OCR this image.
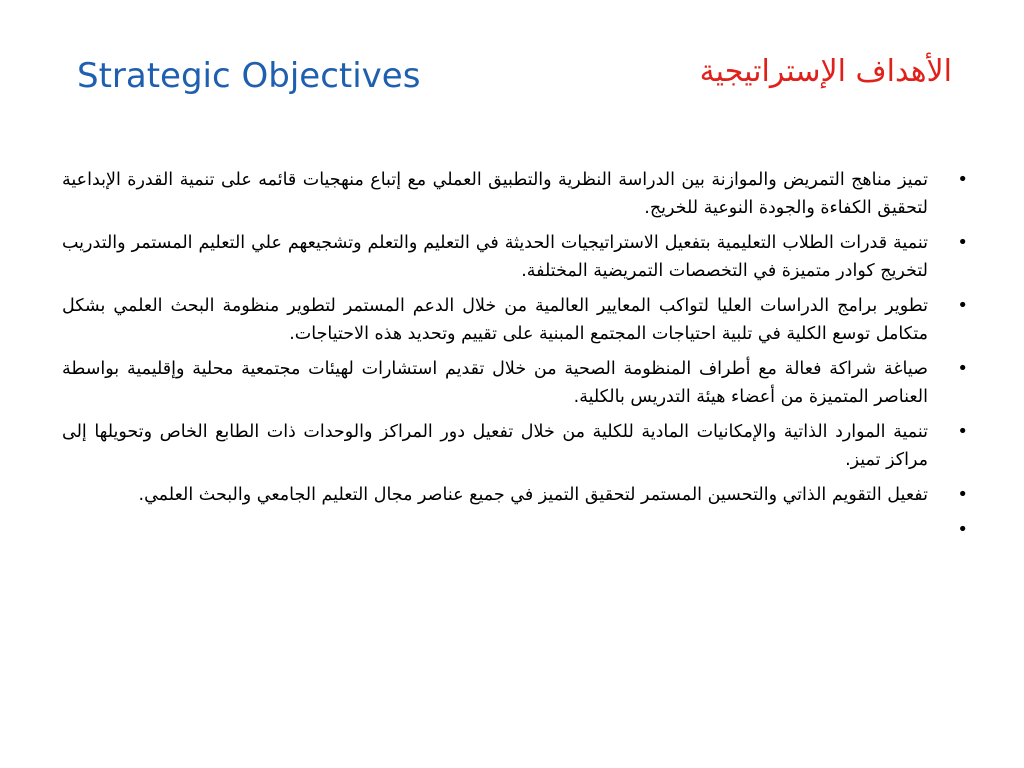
Strategic Objectives	الأهداف الإستراتيجية
•
تميز مناهج التمريض والموازنة بين الدراسة النظرية والتطبيق العملي مع إتباع منهجيات قائمه على تنمية القدرة الإبداعية لتحقيق الكفاءة والجودة النوعية للخريج.
•
تنمية قدرات الطلاب التعليمية بتفعيل الاستراتيجيات الحديثة في التعليم والتعلم وتشجيعهم علي التعليم المستمر والتدريب لتخريج كوادر متميزة في التخصصات التمريضية المختلفة.
•
تطوير برامج الدراسات العليا لتواكب المعايير العالمية من خلال الدعم المستمر لتطوير منظومة البحث العلمي بشكل متكامل توسع الكلية في تلبية احتياجات المجتمع المبنية على تقييم وتحديد هذه الاحتياجات.
•
صياغة شراكة فعالة مع أطراف المنظومة الصحية من خلال تقديم استشارات لهيئات مجتمعية محلية وإقليمية بواسطة العناصر المتميزة من أعضاء هيئة التدريس بالكلية.
•
تنمية الموارد الذاتية والإمكانيات المادية للكلية من خلال تفعيل دور المراكز والوحدات ذات الطابع الخاص وتحويلها إلى مراكز تميز.
•
تفعيل التقويم الذاتي والتحسين المستمر لتحقيق التميز في جميع عناصر مجال التعليم الجامعي والبحث العلمي.
•
